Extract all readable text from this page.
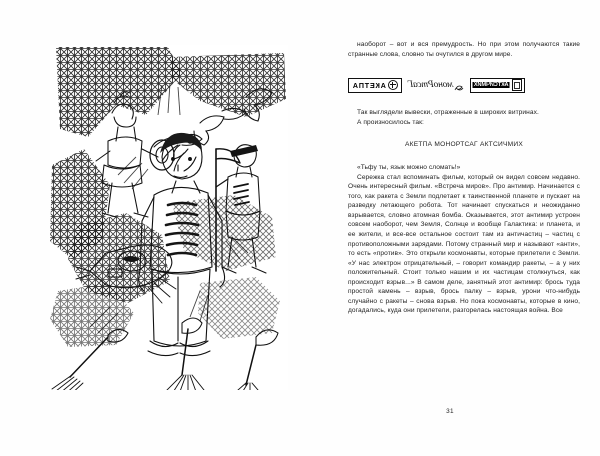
наоборот – вот и вся премудрость. Но при этом получаются такие странные слова, словно ты очутился в другом мире.

АКЕТПА моноРтсаГ	АКТСИЧМИХ

Так выглядели вывески, отраженные в широких витринах.

А произносилось так:

АКЕТПА МОНОРТСАГ АКТСИЧМИХ

«Тьфу ты, язык можно сломать!»

Сережка стал вспоминать фильм, который он видел совсем недавно. Очень интересный фильм. «Встреча миров». Про антимир. Начинается с того, как ракета с Земли подлетает к таинственной планете и пускает на разведку летающего робота. Тот начинает спускаться и неожиданно взрывается, словно атомная бомба. Оказывается, этот антимир устроен совсем наоборот, чем Земля, Солнце и вообще Галактика: и планета, и ее жители, и все-все остальное состоит там из античастиц – частиц с противоположными зарядами. Потому странный мир и называют «анти», то есть «против». Это открыли космонавты, которые прилетели с Земли. «У нас электрон отрицательный, – говорит командир ракеты, – а у них положительный. Стоит только нашим и их частицам столкнуться, как происходит взрыв...» В самом деле, занятный этот антимир: брось туда простой камень – взрыв, брось палку – взрыв, урони что-нибудь случайно с ракеты – снова взрыв. Но пока космонавты, которые в кино, догадались, куда они прилетели, разгорелась настоящая война. Все

31
